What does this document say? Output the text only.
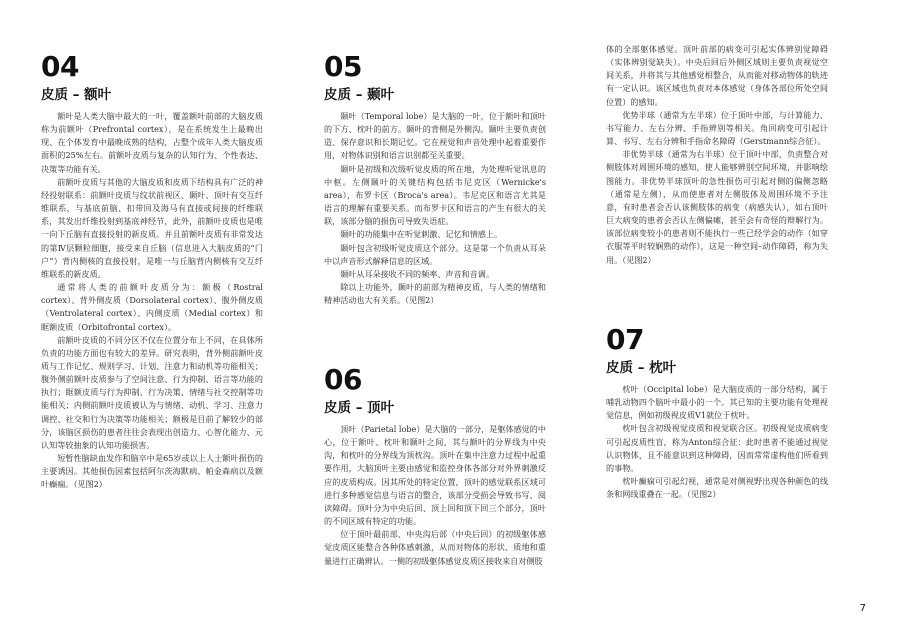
04
皮质 – 额叶

额叶是人类大脑中最大的一叶，覆盖额叶前部的大脑皮质称为前额叶（Prefrontal cortex），是在系统发生上最晚出现、在个体发育中最晚成熟的结构，占整个成年人类大脑皮质面积的25%左右。前额叶皮质与复杂的认知行为、个性表达、决策等功能有关。

前额叶皮质与其他的大脑皮质和皮质下结构具有广泛的神经投射联系：前额叶皮质与纹状前视区、颞叶、顶叶有交互纤维联系，与基底前脑、扣带回及海马有直接或间接的纤维联系，其发出纤维投射到基底神经节，此外，前额叶皮质也是唯一向下丘脑有直接投射的新皮质。并且前额叶皮质有非常发达的第Ⅳ层颗粒细胞，接受来自丘脑（信息进入大脑皮质的“门户”）背内侧核的直接投射，是唯一与丘脑背内侧核有交互纤维联系的新皮质。

通常将人类的前额叶皮质分为：额极（Rostral cortex）、背外侧皮质（Dorsolateral cortex）、腹外侧皮质（Ventrolateral cortex）、内侧皮质（Medial cortex）和眶额皮质（Orbitofrontal cortex）。

前额叶皮质的不同分区不仅在位置分布上不同，在具体所负责的功能方面也有较大的差异。研究表明，背外侧前额叶皮质与工作记忆、规则学习、计划、注意力和动机等功能相关；腹外侧前额叶皮质参与了空间注意、行为抑制、语言等功能的执行；眶额皮质与行为抑制、行为决策、情绪与社交控制等功能相关；内侧前额叶皮质被认为与情绪、动机、学习、注意力调控、社交和行为决策等功能相关；额极是目前了解较少的部分，该脑区损伤的患者往往会表现出创造力、心智化能力、元认知等较抽象的认知功能损害。

短暂性脑缺血发作和脑卒中是65岁或以上人士额叶损伤的主要诱因。其他损伤因素包括阿尔茨海默病、帕金森病以及额叶癫痫。（见图2）

05
皮质 – 颞叶

颞叶（Temporal lobe）是大脑的一叶，位于额叶和顶叶的下方、枕叶的前方。颞叶的背侧是外侧沟。颞叶主要负责创造、保存意识和长期记忆。它在视觉和声音处理中起着重要作用，对物体识别和语言识别都至关重要。

颞叶是初级和次级听觉皮质的所在地，为处理听觉讯息的中枢。左侧颞叶的关键结构包括韦尼克区（Wernicke's area），布罗卡区（Broca's area）。韦尼克区和语言尤其是语言的理解有重要关系。而布罗卡区和语言的产生有很大的关联，该部分脑的损伤可导致失语症。

颞叶的功能集中在听觉刺激、记忆和情感上。

颞叶包含初级听觉皮质这个部分。这是第一个负责从耳朵中以声音形式解释信息的区域。

颞叶从耳朵接收不同的频率、声音和音调。

除以上功能外，颞叶的前部为精神皮质，与人类的情绪和精神活动也大有关系。（见图2）

06
皮质 – 顶叶

顶叶（Parietal lobe）是大脑的一部分，是躯体感觉的中心，位于额叶、枕叶和颞叶之间，其与额叶的分界线为中央沟，和枕叶的分界线为顶枕沟。顶叶在集中注意力过程中起重要作用，大脑顶叶主要由感觉和监控身体各部分对外界刺激反应的皮质构成。因其所处的特定位置，顶叶的感觉联系区域可进行多种感觉信息与语言的整合，该部分受损会导致书写、阅读障碍。顶叶分为中央后回、顶上回和顶下回三个部分，顶叶的不同区域有特定的功能。

位于顶叶最前部、中央沟后部（中央后回）的初级躯体感觉皮质区能整合各种体感刺激，从而对物体的形状、质地和重量进行正确辨认。一侧的初级躯体感觉皮质区接收来自对侧肢

体的全部躯体感觉。顶叶前部的病变可引起实体辨别觉障碍（实体辨别觉缺失）。中央后回后外侧区域则主要负责视觉空间关系，并将其与其他感觉相整合，从而能对移动物体的轨迹有一定认识。该区域也负责对本体感觉（身体各部位所处空间位置）的感知。

优势半球（通常为左半球）位于顶叶中部，与计算能力、书写能力、左右分辨、手指辨别等相关。角回病变可引起计算、书写、左右分辨和手指命名障碍（Gerstmann综合征）。

非优势半球（通常为右半球）位于顶叶中部，负责整合对侧肢体对周围环境的感知，使人能够辨别空间环境，并影响绘图能力。非优势半球顶叶的急性损伤可引起对侧的偏侧忽略（通常是左侧），从而使患者对左侧肢体及周围环境不予注意，有时患者会否认该侧肢体的病变（病感失认），如右顶叶巨大病变的患者会否认左侧偏瘫，甚至会有奇怪的辩解行为。该部位病变较小的患者则不能执行一些已经学会的动作（如穿衣服等平时较娴熟的动作），这是一种空间–动作障碍，称为失用。（见图2）

07
皮质 – 枕叶

枕叶（Occipital lobe）是大脑皮质的一部分结构，属于哺乳动物四个脑叶中最小的一个。其已知的主要功能有处理视觉信息，例如初级视皮质V1就位于枕叶。

枕叶包含初级视觉皮质和视觉联合区。初级视觉皮质病变可引起皮质性盲，称为Anton综合征：此时患者不能通过视觉认识物体，且不能意识到这种障碍，因而常常虚构他们所看到的事物。

枕叶癫痫可引起幻视，通常是对侧视野出现各种颜色的线条和网线重叠在一起。（见图2）

7
